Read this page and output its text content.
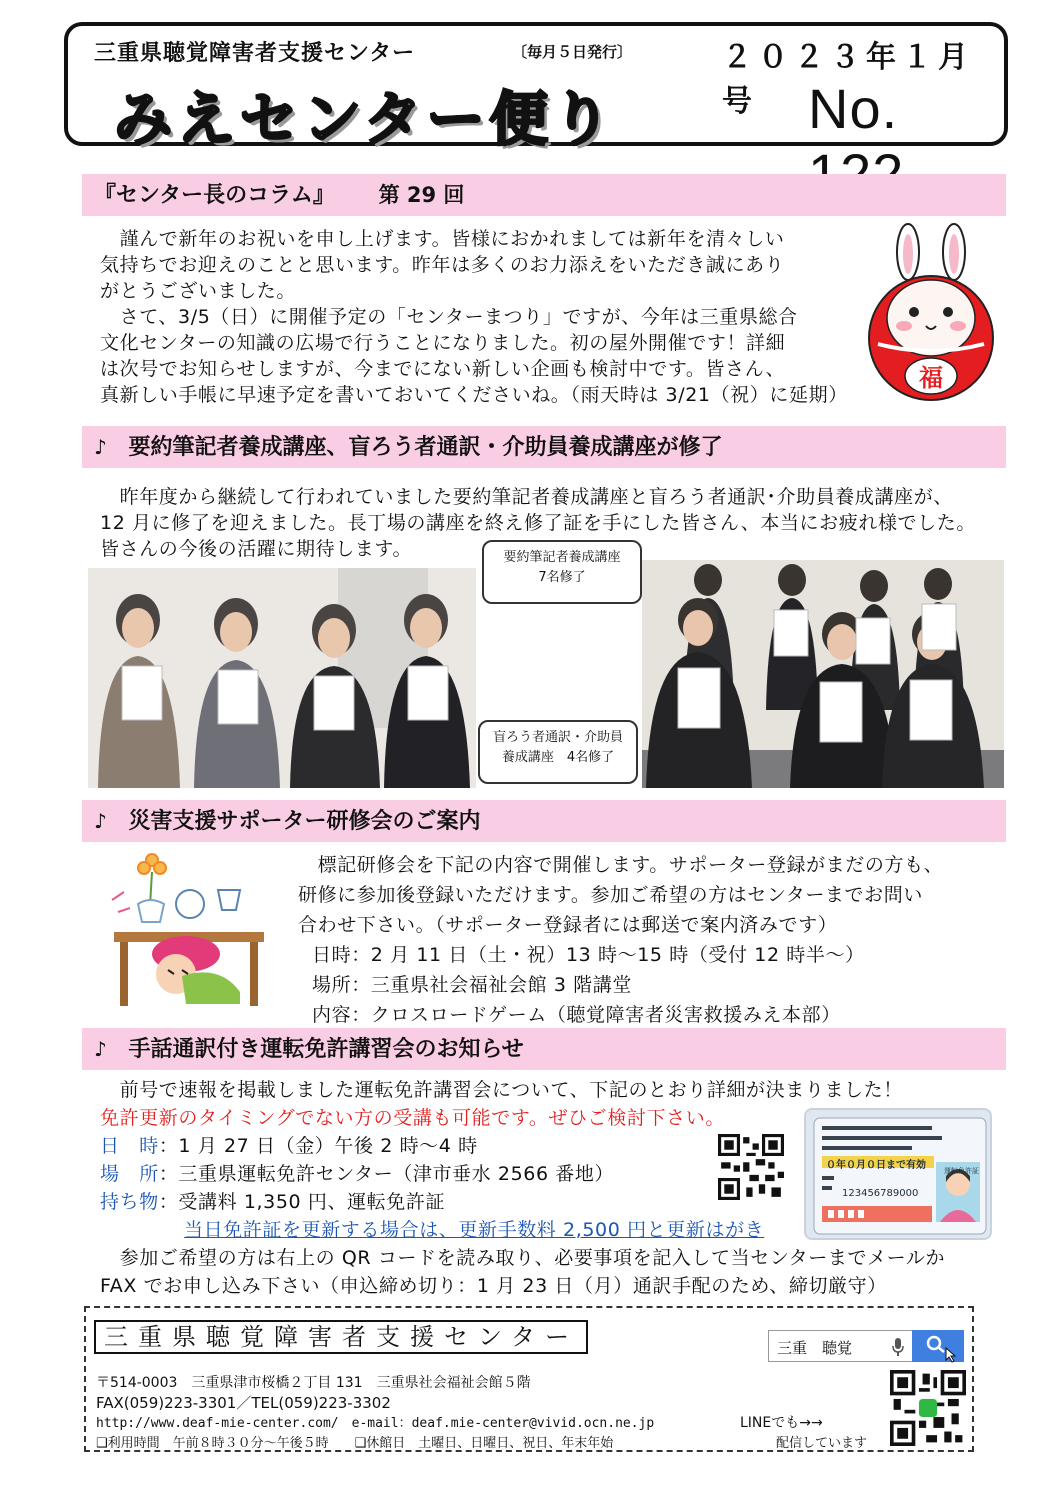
三重県聴覚障害者支援センター	〔毎月５日発行〕
みえセンター便り
２０２３年１月号 No.
『センター長のコラム』 第 29 回

　謹んで新年のお祝いを申し上げます。皆様におかれましては新年を清々しい

気持ちでお迎えのことと思います。昨年は多くのお力添えをいただき誠にあり

がとうございました。

　さて、3/5（日）に開催予定の「センターまつり」ですが、今年は三重県総合

文化センターの知識の広場で行うことになりました。初の屋外開催です！詳細

は次号でお知らせしますが、今までにない新しい企画も検討中です。皆さん、

真新しい手帳に早速予定を書いておいてくださいね。（雨天時は 3/21（祝）に延期）

福
♪ 要約筆記者養成講座、盲ろう者通訳・介助員養成講座が修了

　昨年度から継続して行われていました要約筆記者養成講座と盲ろう者通訳･介助員養成講座が、

12 月に修了を迎えました。長丁場の講座を終え修了証を手にした皆さん、本当にお疲れ様でした。

皆さんの今後の活躍に期待します。	要約筆記者養成講座
7名修了
盲ろう者通訳・介助員
養成講座　4名修了
♪ 災害支援サポーター研修会のご案内

　標記研修会を下記の内容で開催します。サポーター登録がまだの方も、

研修に参加後登録いただけます。参加ご希望の方はセンターまでお問い

合わせ下さい。（サポーター登録者には郵送で案内済みです）

日時：2 月 11 日（土・祝）13 時～15 時（受付 12 時半～）

場所：三重県社会福祉会館 3 階講堂

内容：クロスロードゲーム（聴覚障害者災害救援みえ本部）

♪ 手話通訳付き運転免許講習会のお知らせ

　前号で速報を掲載しました運転免許講習会について、下記のとおり詳細が決まりました！

免許更新のタイミングでない方の受講も可能です。ぜひご検討下さい。

日　時：1 月 27 日（金）午後 2 時～4 時

場　所：三重県運転免許センター（津市垂水 2566 番地）

持ち物：受講料 1,350 円、運転免許証

当日免許証を更新する場合は、更新手数料 2,500 円と更新はがき

　参加ご希望の方は右上の QR コードを読み取り、必要事項を記入して当センターまでメールか

FAX でお申し込み下さい（申込締め切り：1 月 23 日（月）通訳手配のため、締切厳守）

０年０月０日まで有効
123456789000
運転免許証
三重県聴覚障害者支援センター	三重　聴覚
〒514-0003　三重県津市桜橋２丁目 131　三重県社会福祉会館５階
FAX(059)223-3301／TEL(059)223-3302
http://www.deaf-mie-center.com/　e-mail：deaf.mie-center@vivid.ocn.ne.jp	LINEでも→→
❑利用時間　午前８時３０分～午後５時　　❑休館日　土曜日、日曜日、祝日、年末年始	配信しています
